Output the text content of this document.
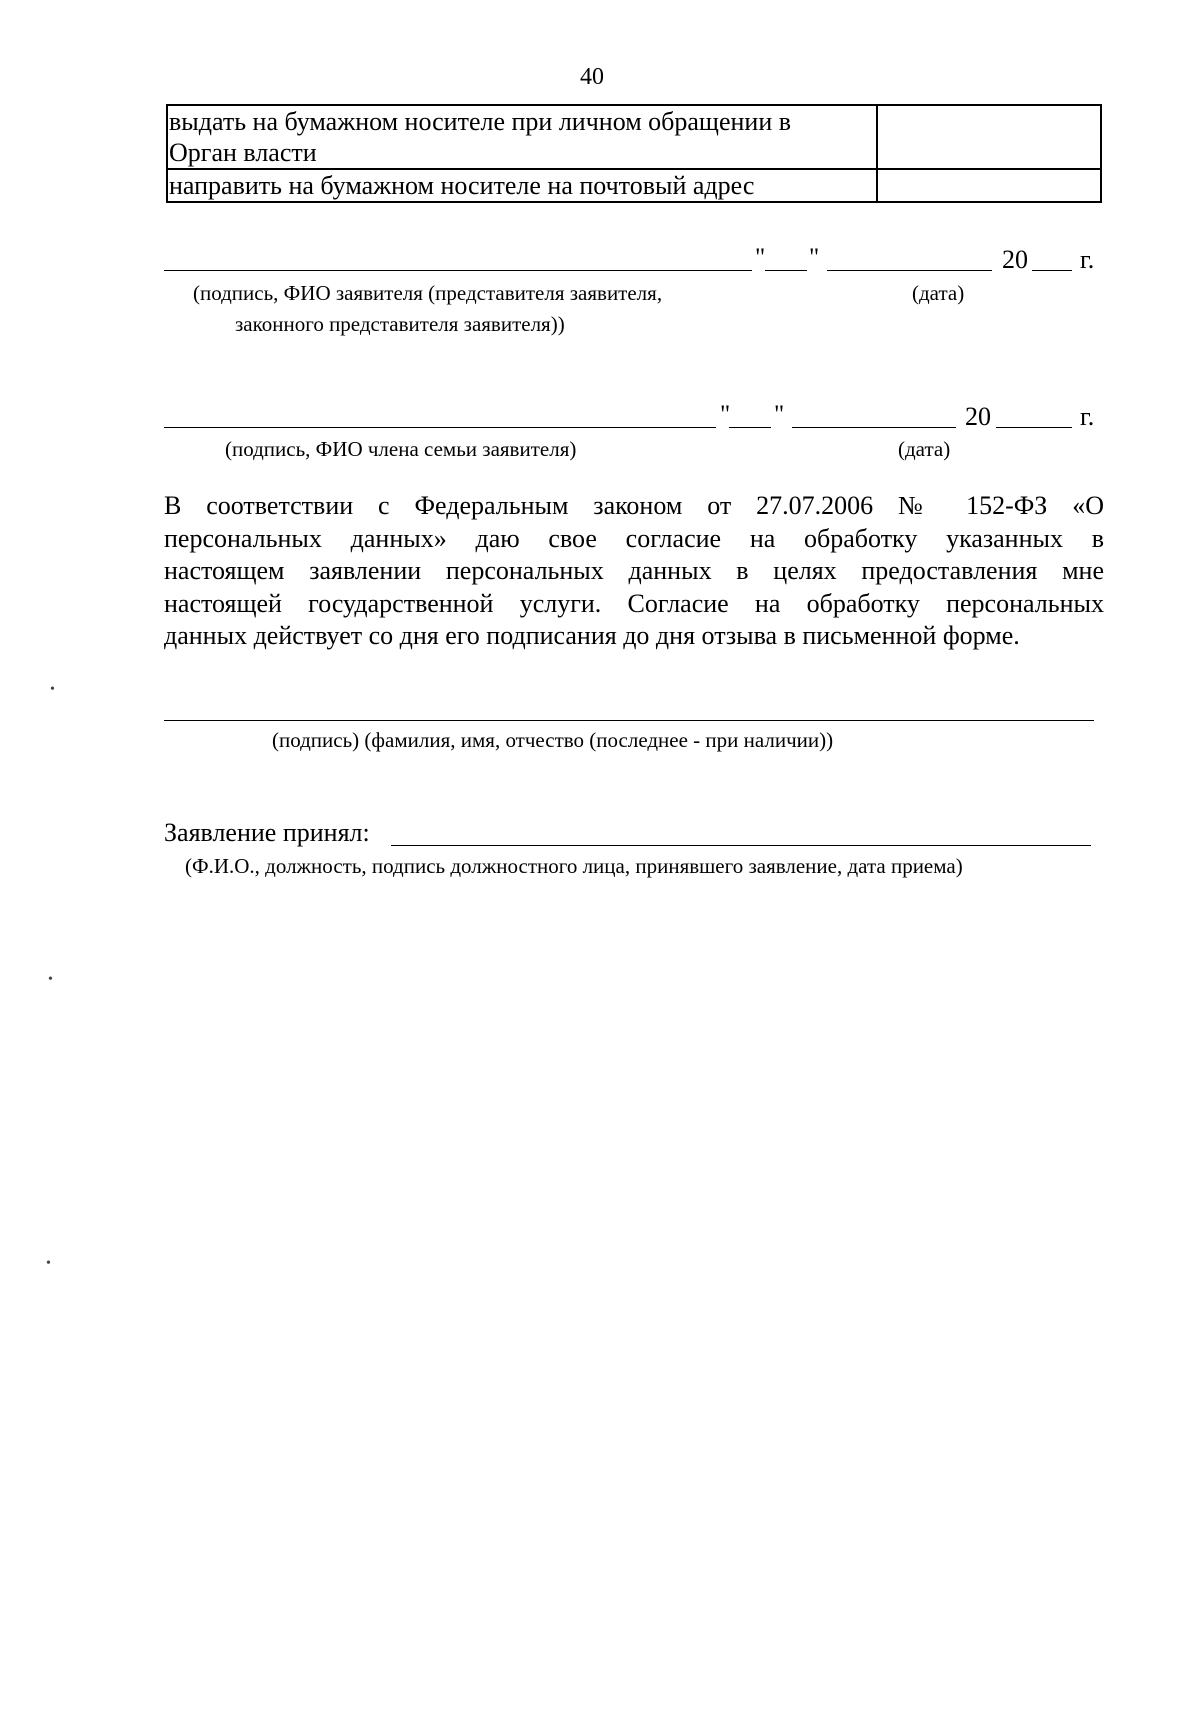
40
выдать на бумажном носителе при личном обращении в
Орган власти	

направить на бумажном носителе на почтовый адрес	

" "	20 г.
(подпись, ФИО заявителя (представителя заявителя,
законного представителя заявителя))
(дата)
" "	20	г.
(подпись, ФИО члена семьи заявителя)	(дата)
В соответствии с Федеральным законом от 27.07.2006 № 152-ФЗ «О
персональных данных» даю свое согласие на обработку указанных в
настоящем заявлении персональных данных в целях предоставления мне
настоящей государственной услуги. Согласие на обработку персональных
данных действует со дня его подписания до дня отзыва в письменной форме.
(подпись) (фамилия, имя, отчество (последнее - при наличии))
Заявление принял:
(Ф.И.О., должность, подпись должностного лица, принявшего заявление, дата приема)
•
•
•
